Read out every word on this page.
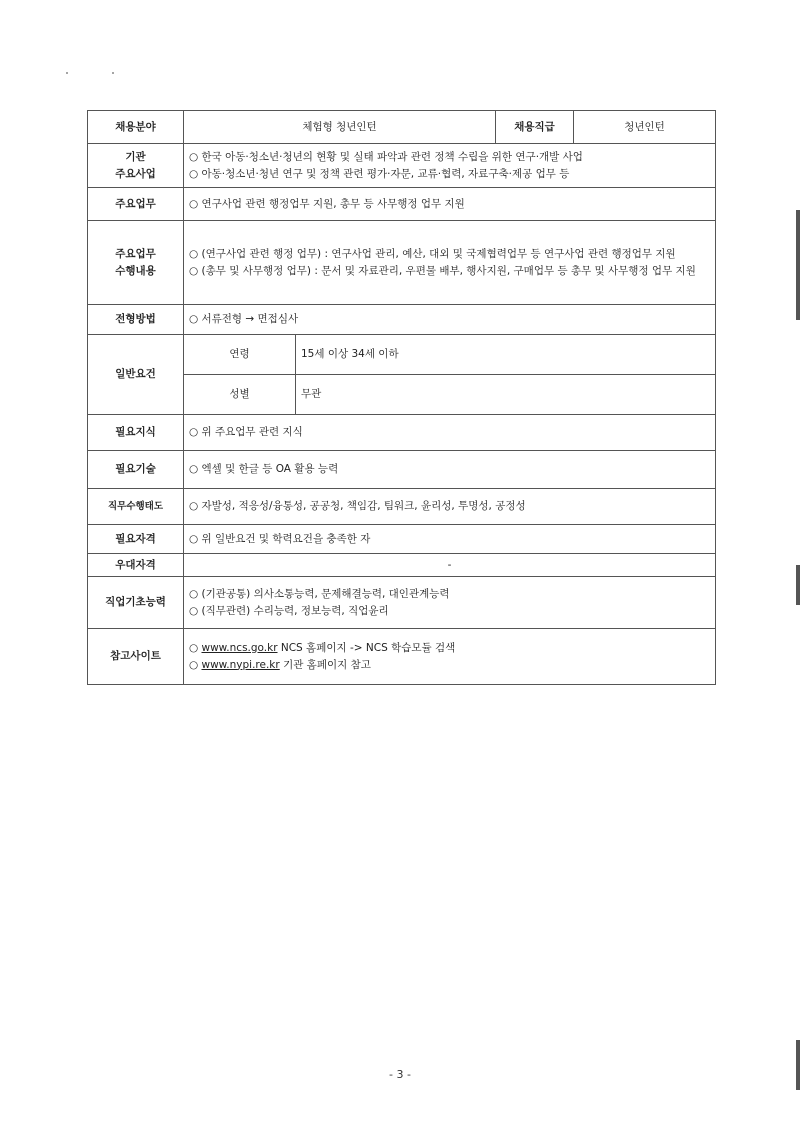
채용분야	체험형 청년인턴		채용직급	청년인턴

기관
주요사업	○ 한국 아동·청소년·청년의 현황 및 실태 파악과 관련 정책 수립을 위한 연구·개발 사업
○ 아동·청소년·청년 연구 및 정책 관련 평가·자문, 교류·협력, 자료구축·제공 업무 등			

주요업무	○ 연구사업 관련 행정업무 지원, 총무 등 사무행정 업무 지원			

주요업무
수행내용	○ (연구사업 관련 행정 업무) : 연구사업 관리, 예산, 대외 및 국제협력업무 등 연구사업 관련 행정업무 지원
○ (총무 및 사무행정 업무) : 문서 및 자료관리, 우편물 배부, 행사지원, 구매업무 등 총무 및 사무행정 업무 지원			

전형방법	○ 서류전형 → 면접심사			
일반요건	연령	15세 이상 34세 이하		
	성별	무관		
필요지식	○ 위 주요업무 관련 지식			
필요기술	○ 엑셀 및 한글 등 OA 활용 능력			
직무수행태도	○ 자발성, 적응성/융통성, 공공청, 책임감, 팀워크, 윤리성, 투명성, 공정성			
필요자격	○ 위 일반요건 및 학력요건을 충족한 자			
우대자격	-			
직업기초능력	○ (기관공통) 의사소통능력, 문제해결능력, 대인관계능력
○ (직무관련) 수리능력, 정보능력, 직업윤리			

참고사이트	○ www.ncs.go.kr NCS 홈페이지 -> NCS 학습모듈 검색
○ www.nypi.re.kr 기관 홈페이지 참고			
- 3 -
